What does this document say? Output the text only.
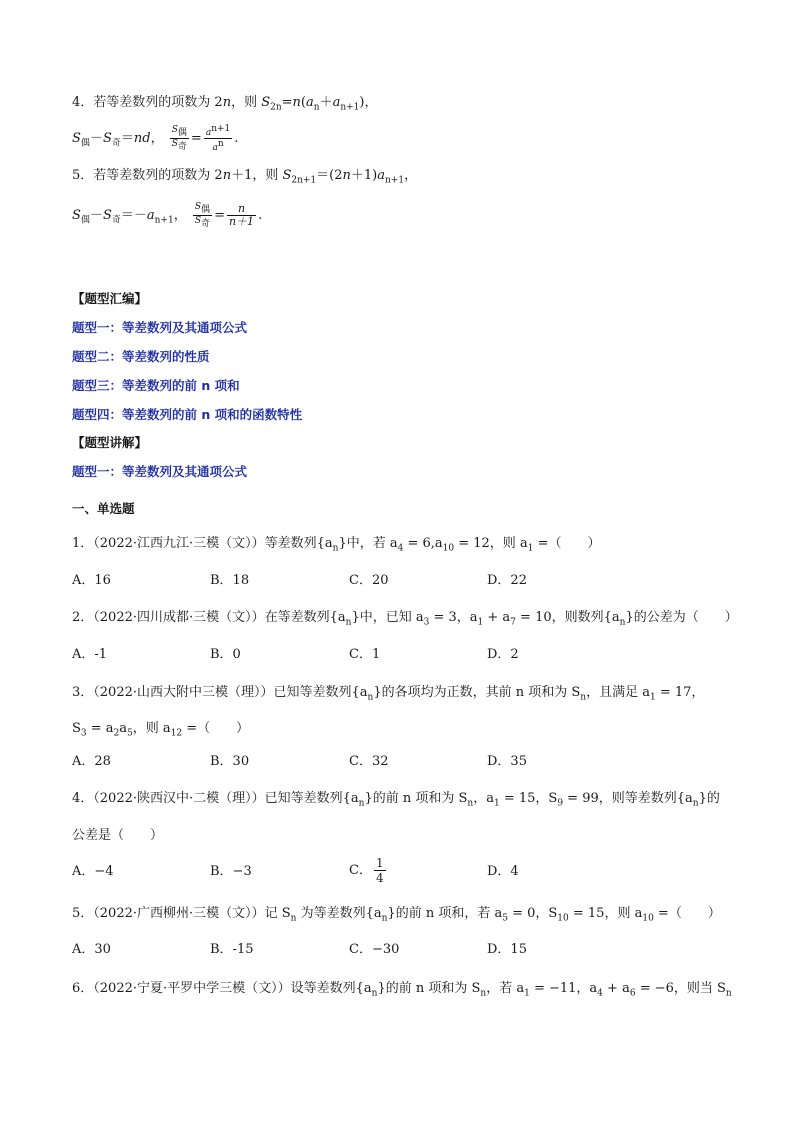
4．若等差数列的项数为 2n，则 $S_{2n}=n(a_n+a_{n+1})$，
$S_偶-S_奇=nd$， $\frac{S_偶}{S_奇} = \frac{a^{n+1}}{a^n}$ .
5．若等差数列的项数为 2n＋1，则 $S_{2n+1}=(2n+1)a_{n+1}$，
$S_偶-S_奇=-a_{n+1}$， $\frac{S_偶}{S_奇} = \frac{n}{n+1}$ .
【题型汇编】
题型一：等差数列及其通项公式
题型二：等差数列的性质
题型三：等差数列的前 n 项和
题型四：等差数列的前 n 项和的函数特性
【题型讲解】
题型一：等差数列及其通项公式
一、单选题
1．（2022·江西九江·三模（文））等差数列$\{a_n\}$中，若 $a_4 = 6,a_{10} = 12$，则 $a_1$ =（　　）
A．16	B．18	C．20	D．22
2．（2022·四川成都·三模（文））在等差数列$\{a_n\}$中，已知 $a_3 = 3$，$a_1 + a_7 = 10$，则数列$\{a_n\}$的公差为（　　）
A．-1	B．0	C．1	D．2
3．（2022·山西大附中三模（理））已知等差数列$\{a_n\}$的各项均为正数，其前 n 项和为 $S_n$，且满足 $a_1 = 17$，
$S_3 = a_2a_5$，则 $a_{12}$ =（　　）
A．28	B．30	C．32	D．35
4．（2022·陕西汉中·二模（理））已知等差数列$\{a_n\}$的前 n 项和为 $S_n$，$a_1 = 15$，$S_9 = 99$，则等差数列$\{a_n\}$的
公差是（　　）
A．−4	B．−3	C． $\frac{1}{4}$	D．4
5．（2022·广西柳州·三模（文））记 $S_n$ 为等差数列$\{a_n\}$的前 n 项和，若 $a_5 = 0$，$S_{10} = 15$，则 $a_{10}$ =（　　）
A．30	B．-15	C．−30	D．15
6．（2022·宁夏·平罗中学三模（文））设等差数列$\{a_n\}$的前 n 项和为 $S_n$，若 $a_1 = -11$，$a_4 + a_6 = -6$，则当 $S_n$
